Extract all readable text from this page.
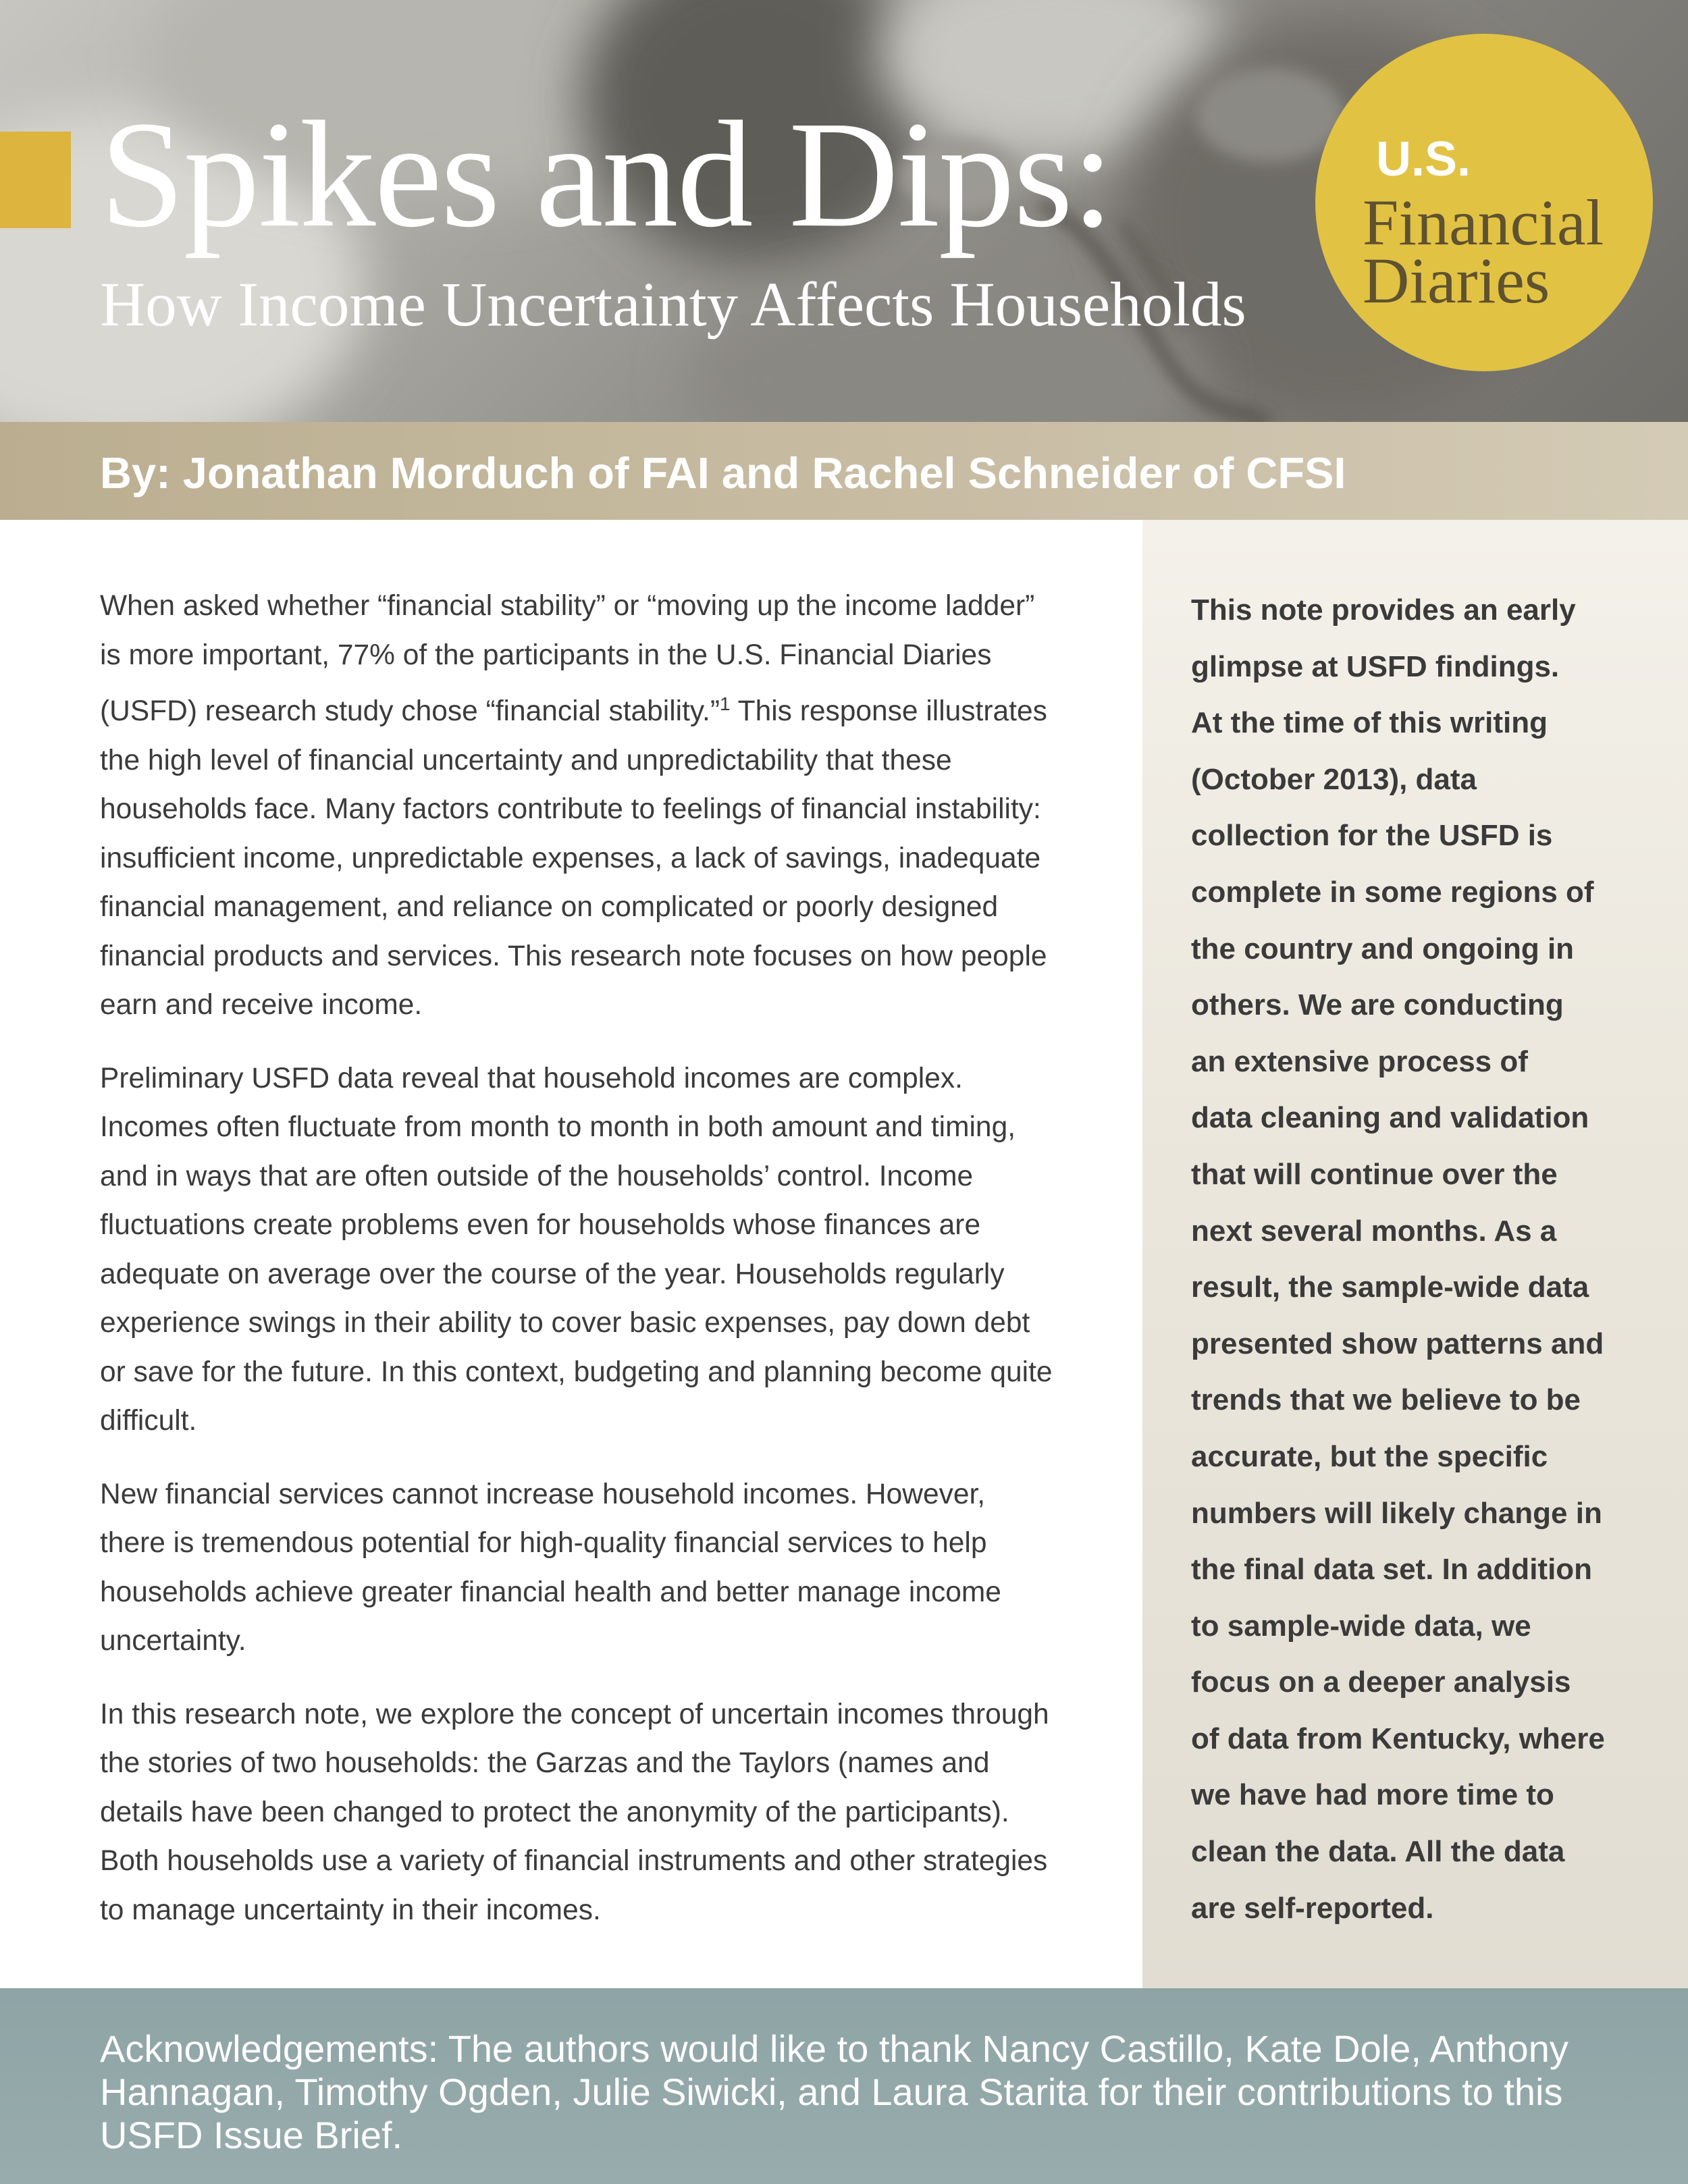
Spikes and Dips:
How Income Uncertainty Affects Households
U.S.
Financial
Diaries

By: Jonathan Morduch of FAI and Rachel Schneider of CFSI

When asked whether “financial stability” or “moving up the income ladder”
is more important, 77% of the participants in the U.S. Financial Diaries
(USFD) research study chose “financial stability.”$^1$ This response illustrates
the high level of financial uncertainty and unpredictability that these
households face. Many factors contribute to feelings of financial instability:
insufficient income, unpredictable expenses, a lack of savings, inadequate
financial management, and reliance on complicated or poorly designed
financial products and services. This research note focuses on how people
earn and receive income.

Preliminary USFD data reveal that household incomes are complex.
Incomes often fluctuate from month to month in both amount and timing,
and in ways that are often outside of the households’ control. Income
fluctuations create problems even for households whose finances are
adequate on average over the course of the year. Households regularly
experience swings in their ability to cover basic expenses, pay down debt
or save for the future. In this context, budgeting and planning become quite
difficult.

New financial services cannot increase household incomes. However,
there is tremendous potential for high-quality financial services to help
households achieve greater financial health and better manage income
uncertainty.

In this research note, we explore the concept of uncertain incomes through
the stories of two households: the Garzas and the Taylors (names and
details have been changed to protect the anonymity of the participants).
Both households use a variety of financial instruments and other strategies
to manage uncertainty in their incomes.

This note provides an early
glimpse at USFD findings.
At the time of this writing
(October 2013), data
collection for the USFD is
complete in some regions of
the country and ongoing in
others. We are conducting
an extensive process of
data cleaning and validation
that will continue over the
next several months. As a
result, the sample-wide data
presented show patterns and
trends that we believe to be
accurate, but the specific
numbers will likely change in
the final data set. In addition
to sample-wide data, we
focus on a deeper analysis
of data from Kentucky, where
we have had more time to
clean the data. All the data
are self-reported.

Acknowledgements: The authors would like to thank Nancy Castillo, Kate Dole, Anthony
Hannagan, Timothy Ogden, Julie Siwicki, and Laura Starita for their contributions to this
USFD Issue Brief.
